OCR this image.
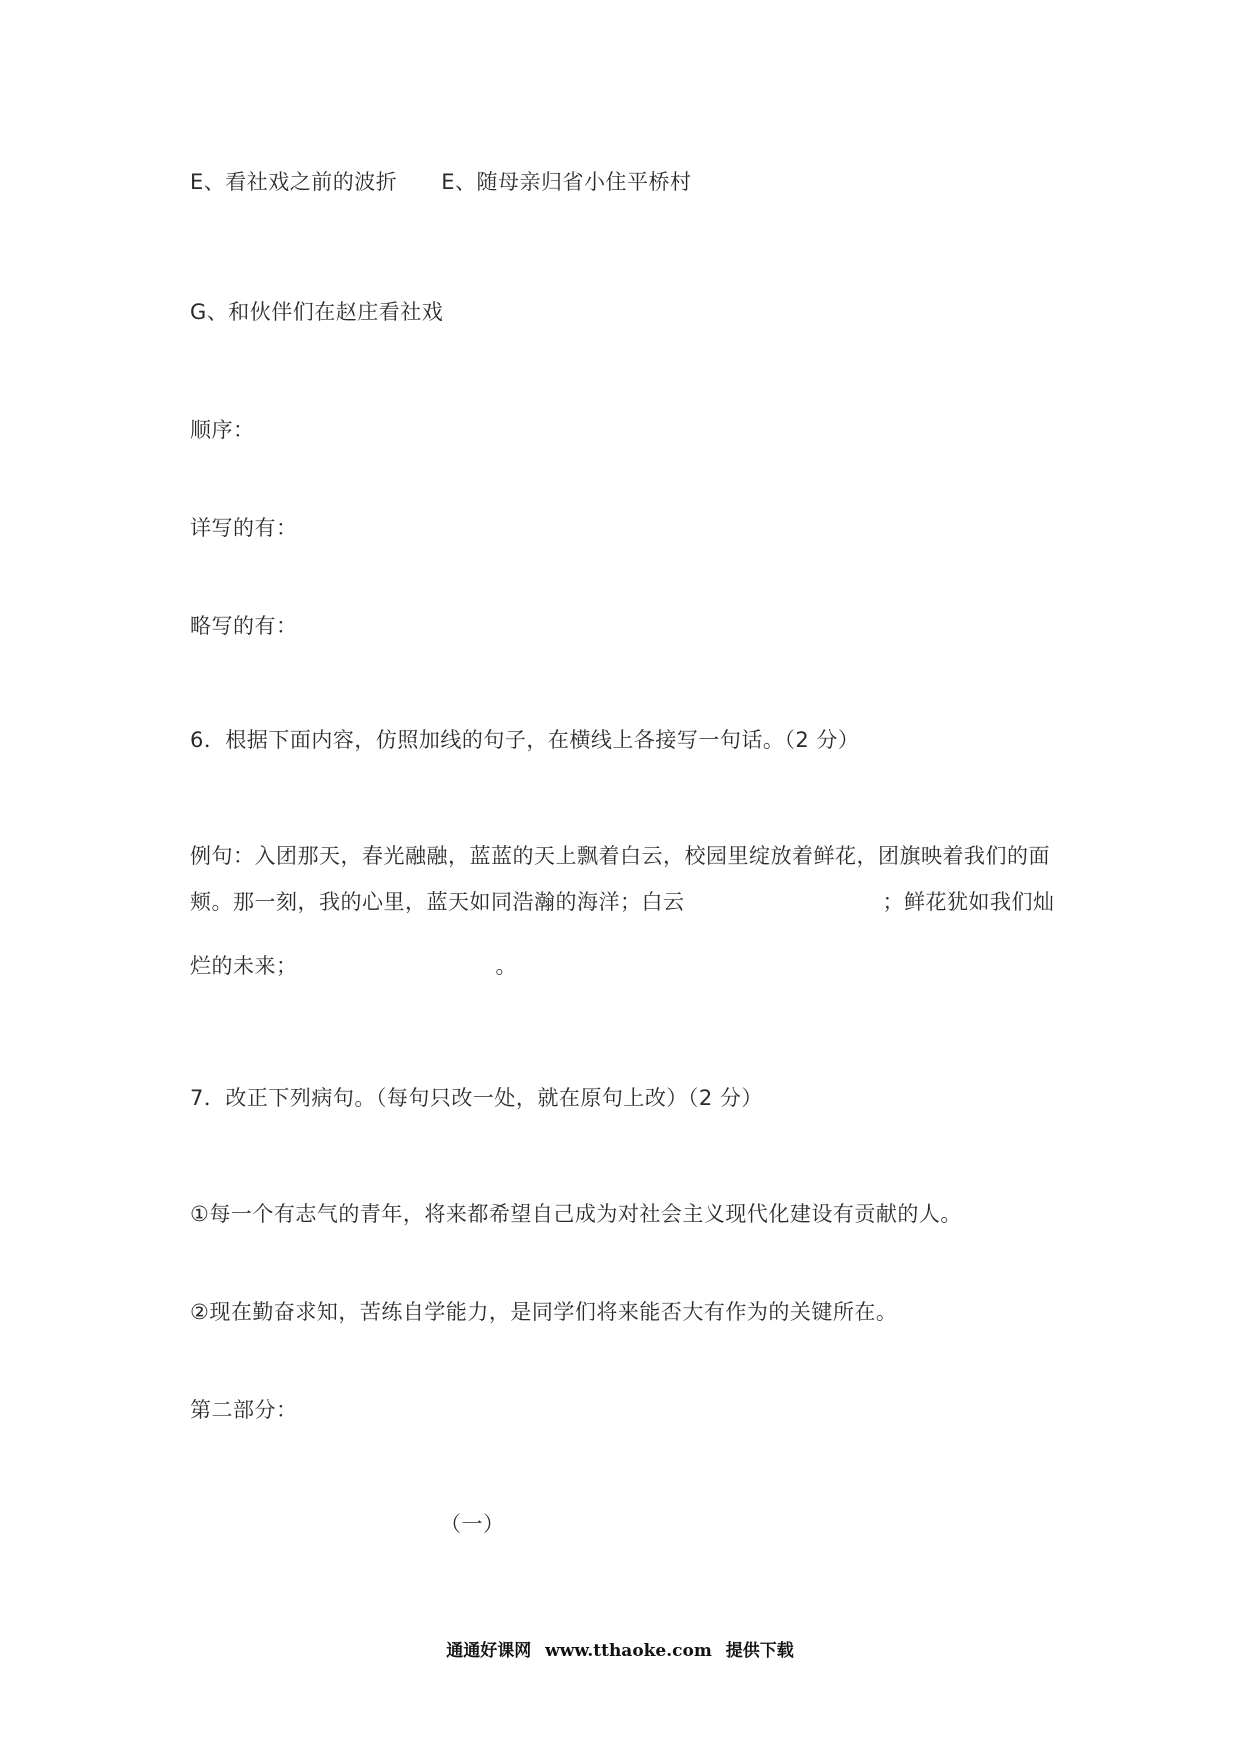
E、看社戏之前的波折 E、随母亲归省小住平桥村
G、和伙伴们在赵庄看社戏
顺序：
详写的有：
略写的有：
6．根据下面内容，仿照加线的句子，在横线上各接写一句话。（2 分）
例句：入团那天，春光融融，蓝蓝的天上飘着白云，校园里绽放着鲜花，团旗映着我们的面
颊。那一刻，我的心里，蓝天如同浩瀚的海洋；白云	；鲜花犹如我们灿
烂的未来；	。
7．改正下列病句。（每句只改一处，就在原句上改）（2 分）
①每一个有志气的青年，将来都希望自己成为对社会主义现代化建设有贡献的人。
②现在勤奋求知，苦练自学能力，是同学们将来能否大有作为的关键所在。
第二部分：
（一）
通通好课网 www.tthaoke.com 提供下载
